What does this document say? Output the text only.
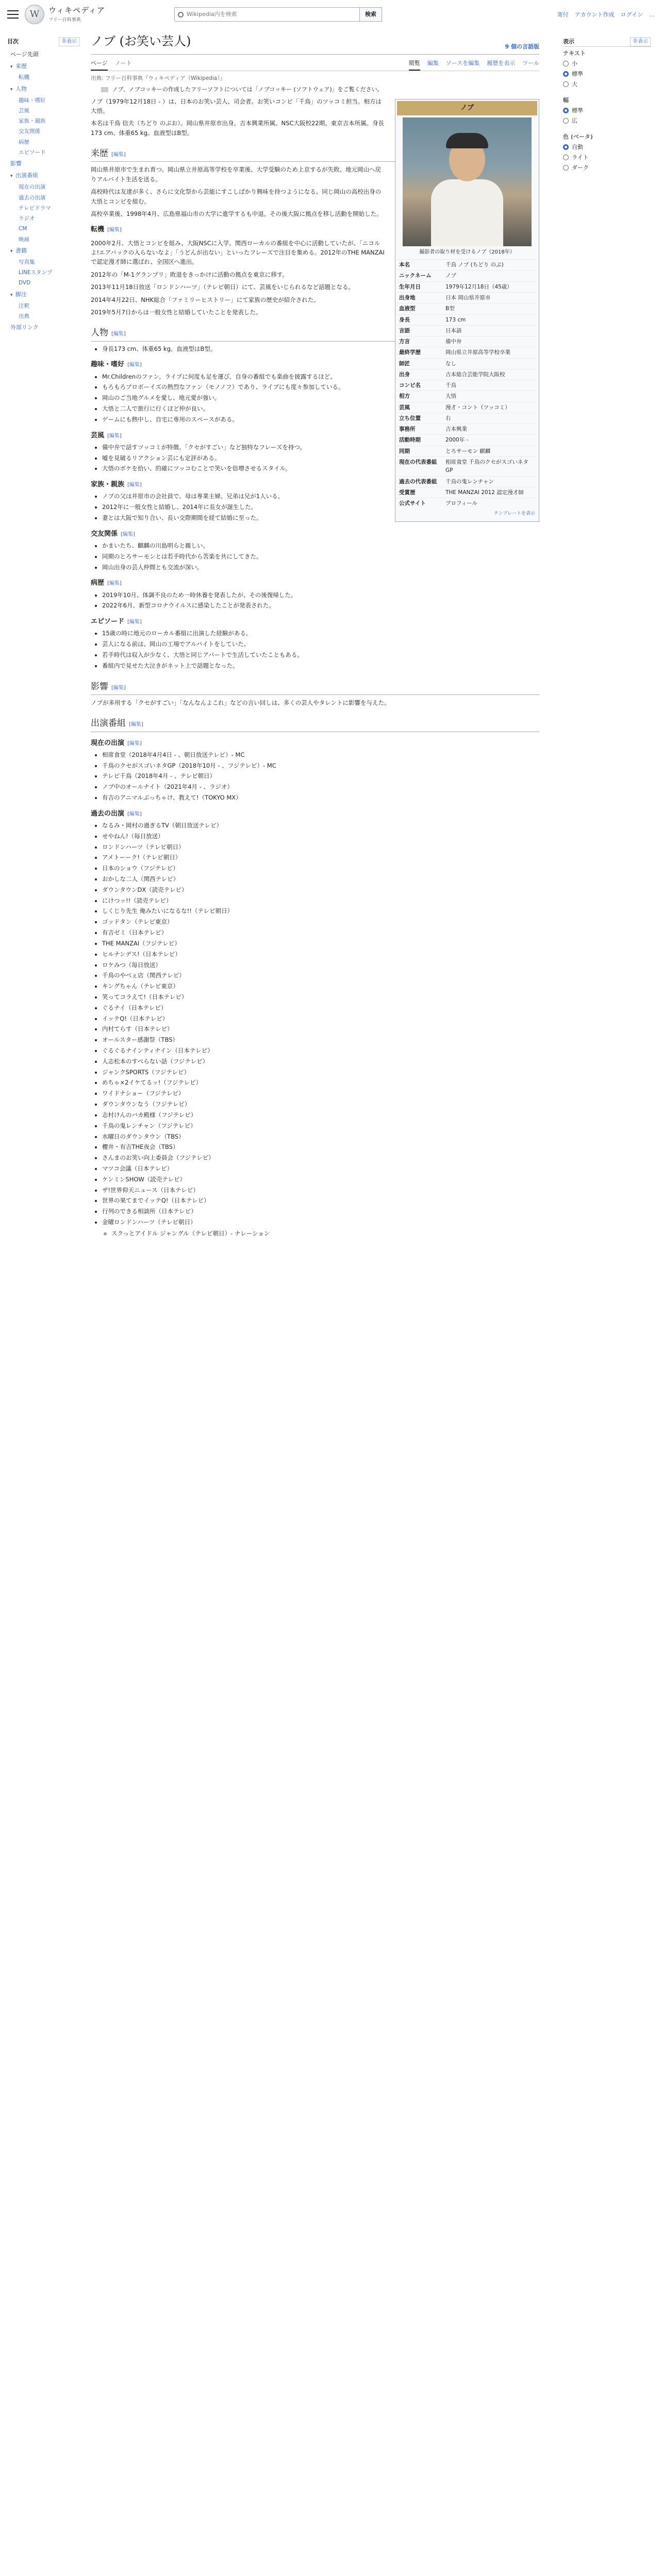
W	ウィキペディア
フリー百科事典
Wikipedia内を検索	検索	寄付 アカウント作成 ログイン …
目次	非表示
ページ先頭
▾ 来歴
転機
▾ 人物
趣味・嗜好
芸風
家族・親族
交友関係
病歴
エピソード
影響
▾ 出演番組
現在の出演
過去の出演
テレビドラマ
ラジオ
CM
映画
▾ 書籍
写真集
LINEスタンプ
DVD
▾ 脚注
注釈
出典
外部リンク
ノブ (お笑い芸人)	9 個の言語版
ページ ノート	閲覧 編集 ソースを編集 履歴を表示 ツール
出典: フリー百科事典『ウィキペディア（Wikipedia）』
ノブ、ノブコッキーの作成したフリーソフトについては「ノブコッキー (ソフトウェア)」をご覧ください。
ノブ
撮影者の取り材を受けるノブ（2018年）
本名	千鳥 ノブ (ちどり のぶ)
ニックネーム	ノブ
生年月日	1979年12月18日（45歳）
出身地	日本 岡山県井原市
血液型	B型
身長	173 cm
言語	日本語
方言	備中弁
最終学歴	岡山県立井原高等学校卒業
師匠	なし
出身	吉本総合芸能学院大阪校
コンビ名	千鳥
相方	大悟
芸風	漫才・コント（ツッコミ）
立ち位置	右
事務所	吉本興業
活動時期	2000年 -
同期	とろサーモン 麒麟
現在の代表番組	相席食堂 千鳥のクセがスゴいネタGP
過去の代表番組	千鳥の鬼レンチャン
受賞歴	THE MANZAI 2012 認定漫才師
公式サイト	プロフィール
テンプレートを表示

ノブ（1979年12月18日 - ）は、日本のお笑い芸人、司会者。お笑いコンビ「千鳥」のツッコミ担当。相方は大悟。

本名は千鳥 信夫（ちどり のぶお）。岡山県井原市出身。吉本興業所属。NSC大阪校22期。東京吉本所属。身長173 cm、体重65 kg。血液型はB型。

来歴 [編集]

岡山県井原市で生まれ育つ。岡山県立井原高等学校を卒業後、大学受験のため上京するが失敗。地元岡山へ戻りアルバイト生活を送る。

高校時代は友達が多く、さらに文化祭から芸能にすこしばかり興味を持つようになる。同じ岡山の高校出身の大悟とコンビを組む。

高校卒業後、1998年4月、広島県福山市の大学に進学するも中退。その後大阪に拠点を移し活動を開始した。

転機 [編集]

2000年2月、大悟とコンビを組み、大阪NSCに入学。関西ローカルの番組を中心に活動していたが、「ニコルよ!エアバックの入らないなよ」「うどんが出ない」といったフレーズで注目を集める。2012年のTHE MANZAIで認定漫才師に選ばれ、全国区へ進出。

2012年の「M-1グランプリ」敗退をきっかけに活動の拠点を東京に移す。

2013年11月18日放送「ロンドンハーツ」（テレビ朝日）にて、芸風をいじられるなど話題となる。

2014年4月22日、NHK総合「ファミリーヒストリー」にて家族の歴史が紹介された。

2019年5月7日からは一般女性と結婚していたことを発表した。

人物 [編集]
• 身長173 cm、体重65 kg。血液型はB型。
趣味・嗜好 [編集]
• Mr.Childrenのファン。ライブに何度も足を運び、自身の番組でも楽曲を披露するほど。
• もろもろプロボーイズの熱烈なファン（モノノフ）であり、ライブにも度々参加している。
• 岡山のご当地グルメを愛し、地元愛が強い。
• 大悟と二人で旅行に行くほど仲が良い。
• ゲームにも熱中し、自宅に専用のスペースがある。
芸風 [編集]
• 備中弁で話すツッコミが特徴。「クセがすごい」など独特なフレーズを持つ。
• 嘘を見破るリアクション芸にも定評がある。
• 大悟のボケを拾い、的確にツッコむことで笑いを倍増させるスタイル。
家族・親族 [編集]
• ノブの父は井原市の会社員で、母は専業主婦。兄弟は兄が1人いる。
• 2012年に一般女性と結婚し、2014年に長女が誕生した。
• 妻とは大阪で知り合い、長い交際期間を経て結婚に至った。
交友関係 [編集]
• かまいたち、麒麟の川島明らと親しい。
• 同期のとろサーモンとは若手時代から苦楽を共にしてきた。
• 岡山出身の芸人仲間とも交流が深い。
病歴 [編集]
• 2019年10月、体調不良のため一時休養を発表したが、その後復帰した。
• 2022年6月、新型コロナウイルスに感染したことが発表された。
エピソード [編集]
• 15歳の時に地元のローカル番組に出演した経験がある。
• 芸人になる前は、岡山の工場でアルバイトをしていた。
• 若手時代は収入が少なく、大悟と同じアパートで生活していたこともある。
• 番組内で見せた大泣きがネット上で話題となった。
影響 [編集]

ノブが多用する「クセがすごい」「なんなんよこれ」などの言い回しは、多くの芸人やタレントに影響を与えた。

出演番組 [編集]
現在の出演 [編集]
• 相席食堂（2018年4月4日 - 、朝日放送テレビ）- MC
• 千鳥のクセがスゴいネタGP（2018年10月 - 、フジテレビ）- MC
• テレビ千鳥（2018年4月 - 、テレビ朝日）
• ノブ中のオールナイト（2021年4月 - 、ラジオ）
• 有吉のアニマルぶっちゃけ、教えて!（TOKYO MX）
過去の出演 [編集]
• なるみ・岡村の過ぎるTV（朝日放送テレビ）
• せやねん!（毎日放送）
• ロンドンハーツ（テレビ朝日）
• アメトーーク!（テレビ朝日）
• 日本のショウ（フジテレビ）
• おかしな二人（関西テレビ）
• ダウンタウンDX（読売テレビ）
• にけつッ!!（読売テレビ）
• しくじり先生 俺みたいになるな!!（テレビ朝日）
• ゴッドタン（テレビ東京）
• 有吉ゼミ（日本テレビ）
• THE MANZAI（フジテレビ）
• ヒルナンデス!（日本テレビ）
• ロケみつ（毎日放送）
• 千鳥のやべぇ店（関西テレビ）
• キングちゃん（テレビ東京）
• 笑ってコラえて!（日本テレビ）
• ぐるナイ（日本テレビ）
• イッテQ!（日本テレビ）
• 内村てらす（日本テレビ）
• オールスター感謝祭（TBS）
• ぐるぐるナインティナイン（日本テレビ）
• 人志松本のすべらない話（フジテレビ）
• ジャンクSPORTS（フジテレビ）
• めちゃ×2イケてるッ!（フジテレビ）
• ワイドナショー（フジテレビ）
• ダウンタウンなう（フジテレビ）
• 志村けんのバカ殿様（フジテレビ）
• 千鳥の鬼レンチャン（フジテレビ）
• 水曜日のダウンタウン（TBS）
• 櫻井・有吉THE夜会（TBS）
• さんまのお笑い向上委員会（フジテレビ）
• マツコ会議（日本テレビ）
• ケンミンSHOW（読売テレビ）
• ザ!世界仰天ニュース（日本テレビ）
• 世界の果てまでイッテQ!（日本テレビ）
• 行列のできる相談所（日本テレビ）
• 金曜ロンドンハーツ（テレビ朝日）
◦ スクっとアイドル ジャングル（テレビ朝日）- ナレーション
表示	非表示
テキスト
小
標準
大
幅
標準
広
色 (ベータ)
自動
ライト
ダーク
